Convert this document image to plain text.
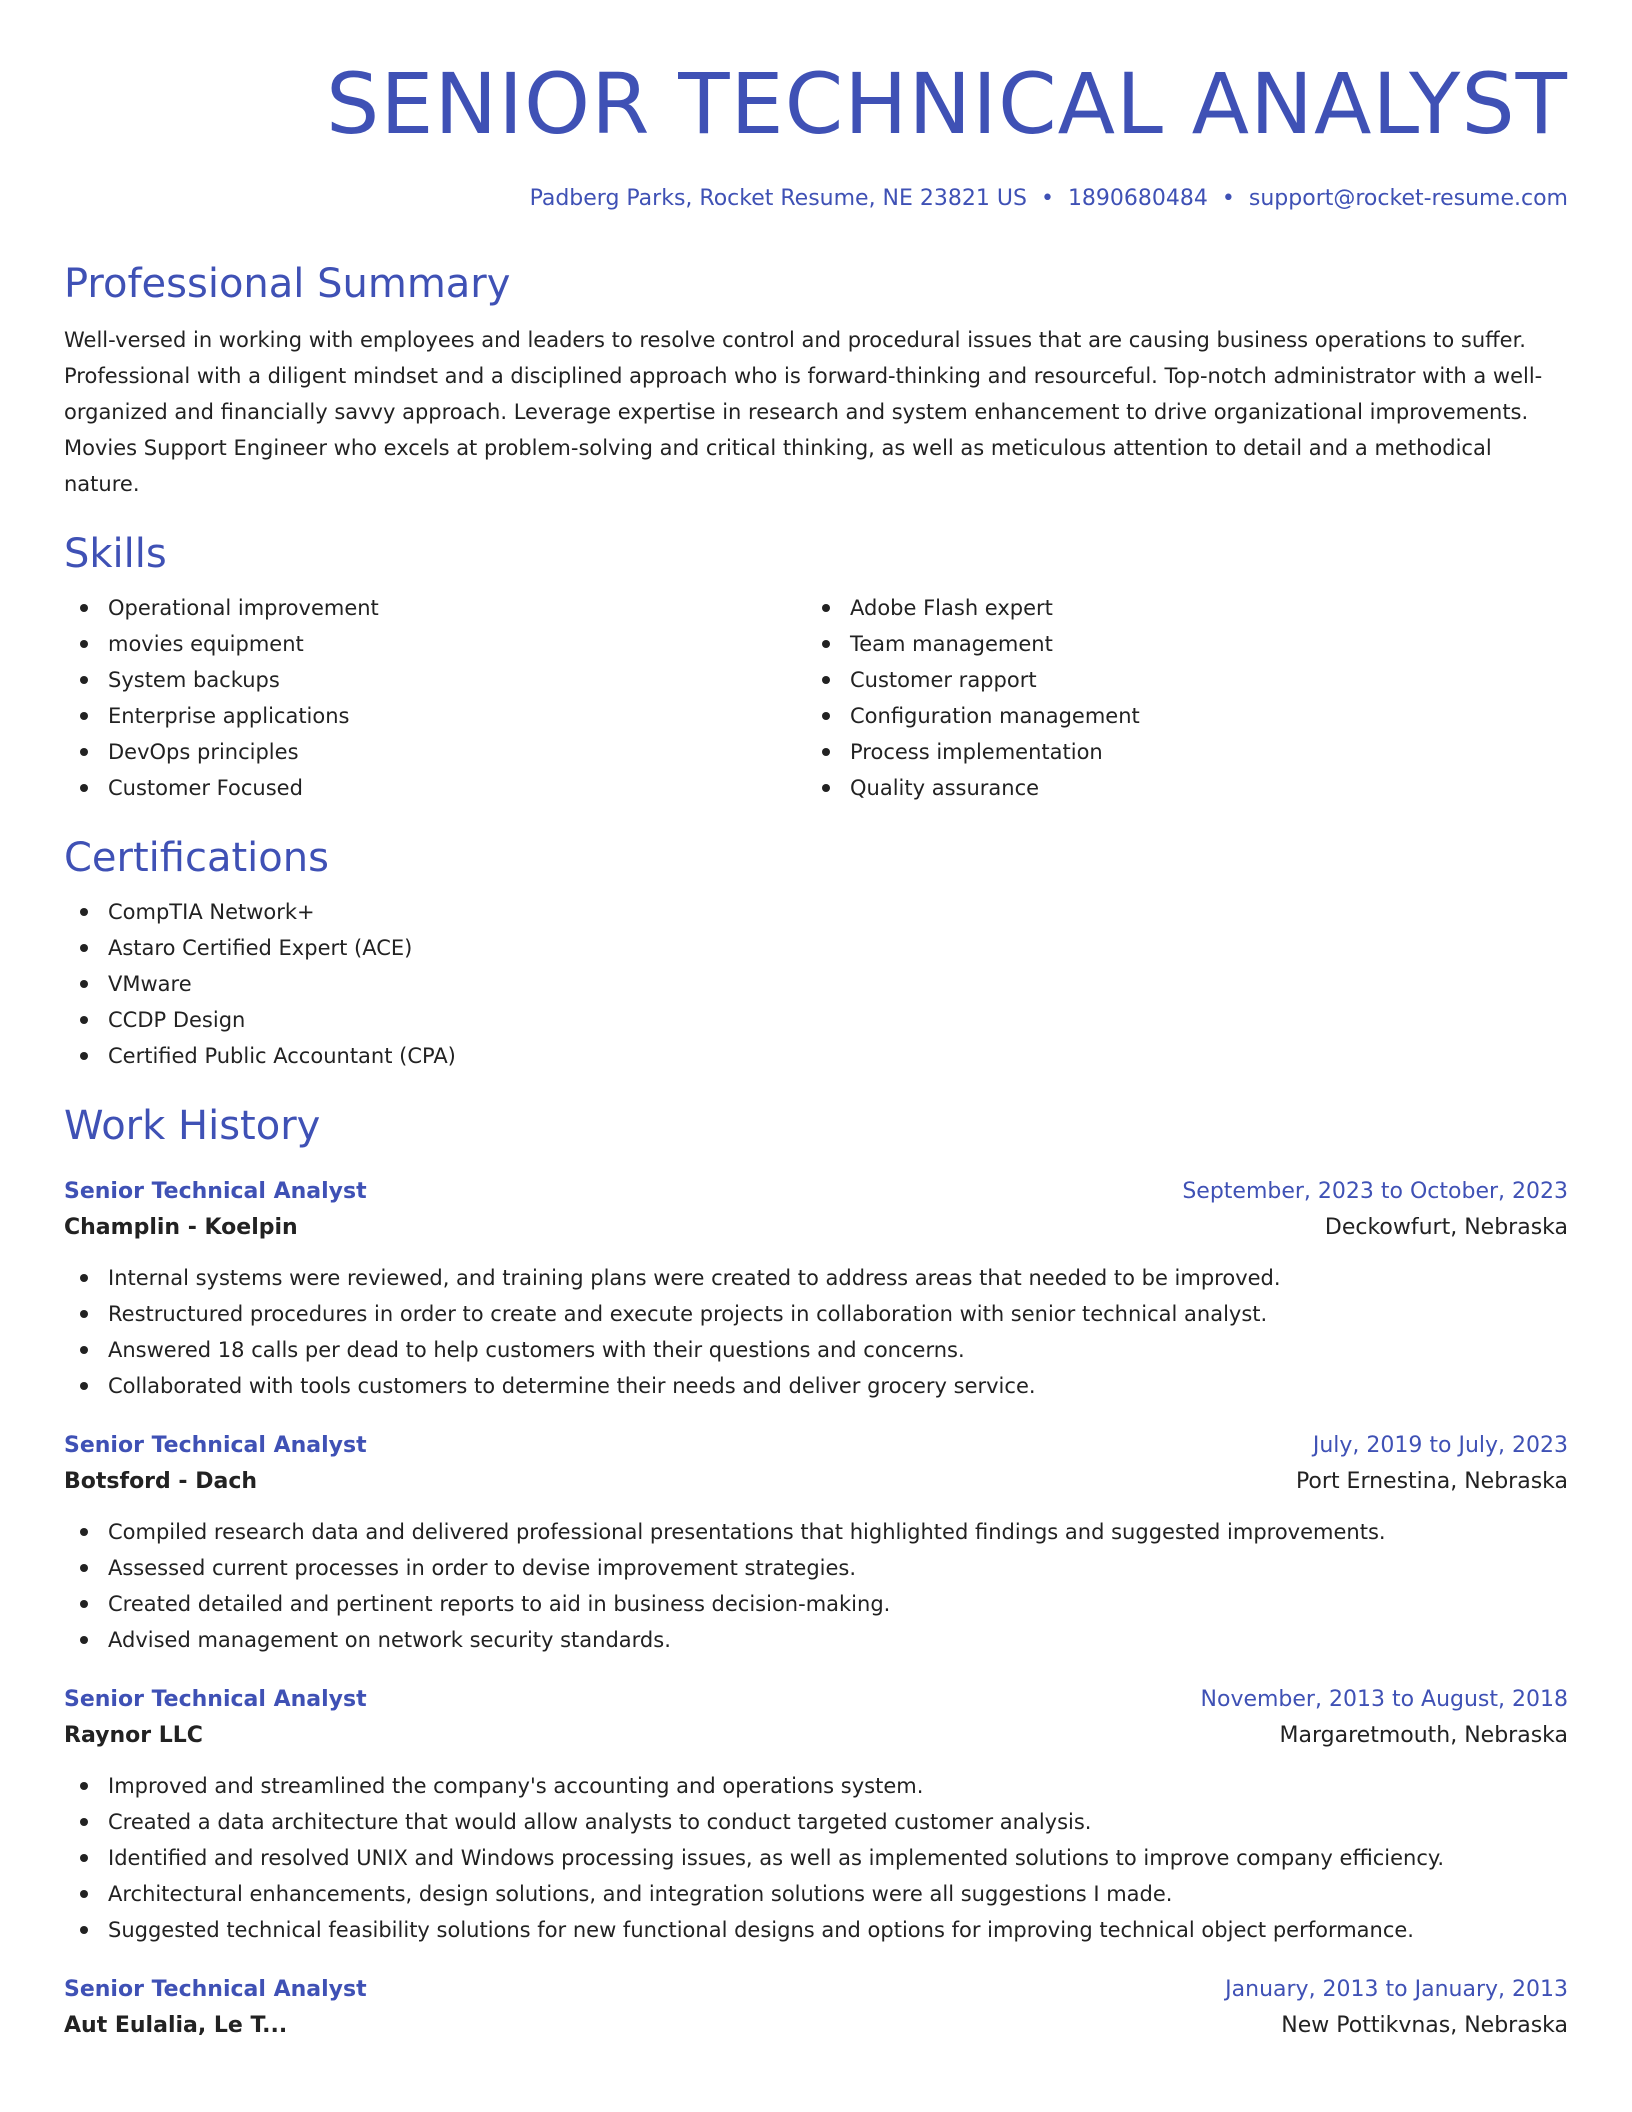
SENIOR TECHNICAL ANALYST
Padberg Parks, Rocket Resume, NE 23821 US • 1890680484 • support@rocket-resume.com
Professional Summary
Well-versed in working with employees and leaders to resolve control and procedural issues that are causing business operations to suffer. Professional with a diligent mindset and a disciplined approach who is forward-thinking and resourceful. Top-notch administrator with a well-organized and financially savvy approach. Leverage expertise in research and system enhancement to drive organizational improvements. Movies Support Engineer who excels at problem-solving and critical thinking, as well as meticulous attention to detail and a methodical nature.
Skills
Operational improvement
movies equipment
System backups
Enterprise applications
DevOps principles
Customer Focused
Adobe Flash expert
Team management
Customer rapport
Configuration management
Process implementation
Quality assurance
Certifications
CompTIA Network+
Astaro Certified Expert (ACE)
VMware
CCDP Design
Certified Public Accountant (CPA)
Work History
Senior Technical Analyst	September, 2023 to October, 2023
Champlin - Koelpin	Deckowfurt, Nebraska
Internal systems were reviewed, and training plans were created to address areas that needed to be improved.
Restructured procedures in order to create and execute projects in collaboration with senior technical analyst.
Answered 18 calls per dead to help customers with their questions and concerns.
Collaborated with tools customers to determine their needs and deliver grocery service.
Senior Technical Analyst	July, 2019 to July, 2023
Botsford - Dach	Port Ernestina, Nebraska
Compiled research data and delivered professional presentations that highlighted findings and suggested improvements.
Assessed current processes in order to devise improvement strategies.
Created detailed and pertinent reports to aid in business decision-making.
Advised management on network security standards.
Senior Technical Analyst	November, 2013 to August, 2018
Raynor LLC	Margaretmouth, Nebraska
Improved and streamlined the company's accounting and operations system.
Created a data architecture that would allow analysts to conduct targeted customer analysis.
Identified and resolved UNIX and Windows processing issues, as well as implemented solutions to improve company efficiency.
Architectural enhancements, design solutions, and integration solutions were all suggestions I made.
Suggested technical feasibility solutions for new functional designs and options for improving technical object performance.
Senior Technical Analyst	January, 2013 to January, 2013
Aut Eulalia, Le T...	New Pottikvnas, Nebraska
